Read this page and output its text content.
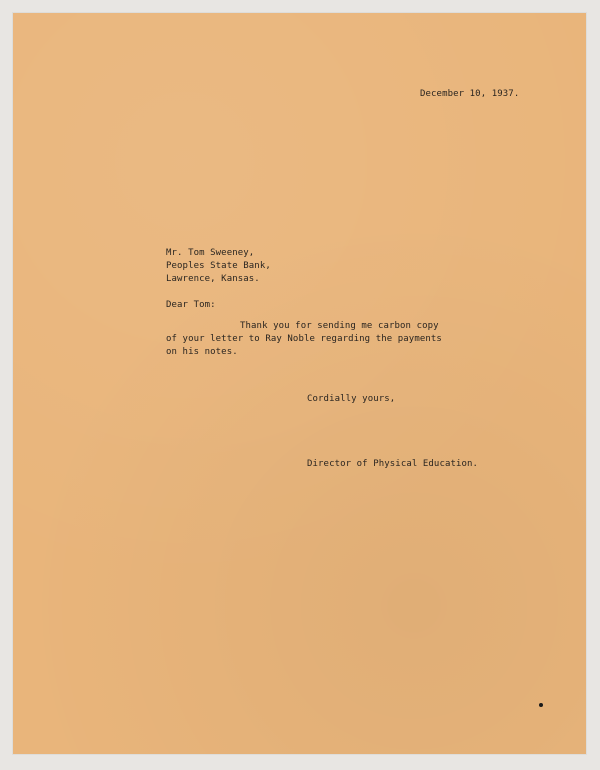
December 10, 1937.
Mr. Tom Sweeney,
Peoples State Bank,
Lawrence, Kansas.
Dear Tom:
Thank you for sending me carbon copy
of your letter to Ray Noble regarding the payments
on his notes.
Cordially yours,
Director of Physical Education.
